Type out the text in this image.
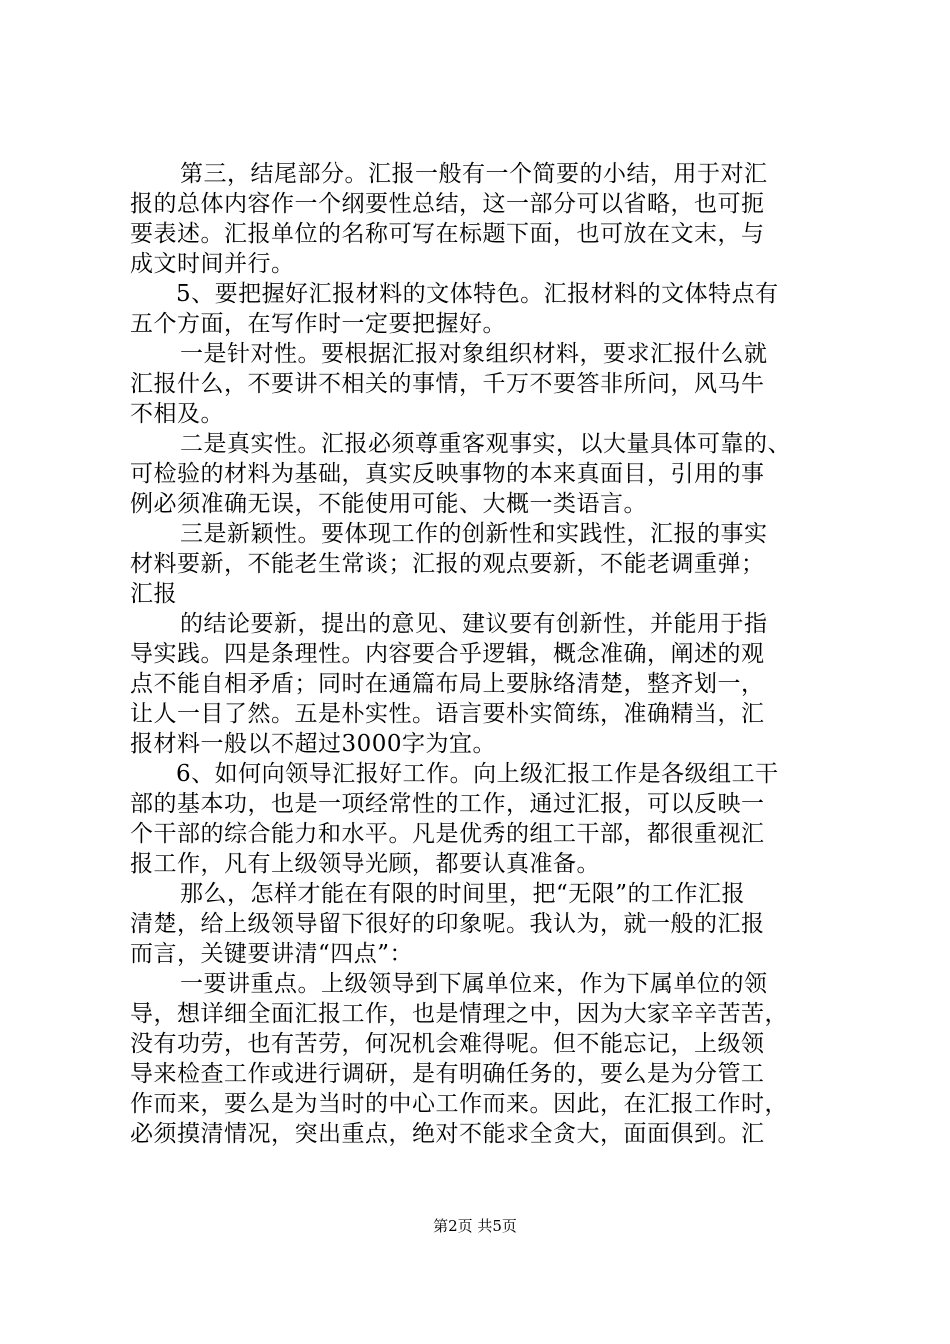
第三，结尾部分。汇报一般有一个简要的小结，用于对汇
报的总体内容作一个纲要性总结，这一部分可以省略，也可扼
要表述。汇报单位的名称可写在标题下面，也可放在文末，与
成文时间并行。
5、要把握好汇报材料的文体特色。汇报材料的文体特点有
五个方面，在写作时一定要把握好。
一是针对性。要根据汇报对象组织材料，要求汇报什么就
汇报什么，不要讲不相关的事情，千万不要答非所问，风马牛
不相及。
二是真实性。汇报必须尊重客观事实，以大量具体可靠的、
可检验的材料为基础，真实反映事物的本来真面目，引用的事
例必须准确无误，不能使用可能、大概一类语言。
三是新颖性。要体现工作的创新性和实践性，汇报的事实
材料要新，不能老生常谈；汇报的观点要新，不能老调重弹；
汇报
的结论要新，提出的意见、建议要有创新性，并能用于指
导实践。四是条理性。内容要合乎逻辑，概念准确，阐述的观
点不能自相矛盾；同时在通篇布局上要脉络清楚，整齐划一，
让人一目了然。五是朴实性。语言要朴实简练，准确精当，汇
报材料一般以不超过3000字为宜。
6、如何向领导汇报好工作。向上级汇报工作是各级组工干
部的基本功，也是一项经常性的工作，通过汇报，可以反映一
个干部的综合能力和水平。凡是优秀的组工干部，都很重视汇
报工作，凡有上级领导光顾，都要认真准备。
那么，怎样才能在有限的时间里，把“无限”的工作汇报
清楚，给上级领导留下很好的印象呢。我认为，就一般的汇报
而言，关键要讲清“四点”：
一要讲重点。上级领导到下属单位来，作为下属单位的领
导，想详细全面汇报工作，也是情理之中，因为大家辛辛苦苦，
没有功劳，也有苦劳，何况机会难得呢。但不能忘记，上级领
导来检查工作或进行调研，是有明确任务的，要么是为分管工
作而来，要么是为当时的中心工作而来。因此，在汇报工作时，
必须摸清情况，突出重点，绝对不能求全贪大，面面俱到。汇
第2页 共5页
